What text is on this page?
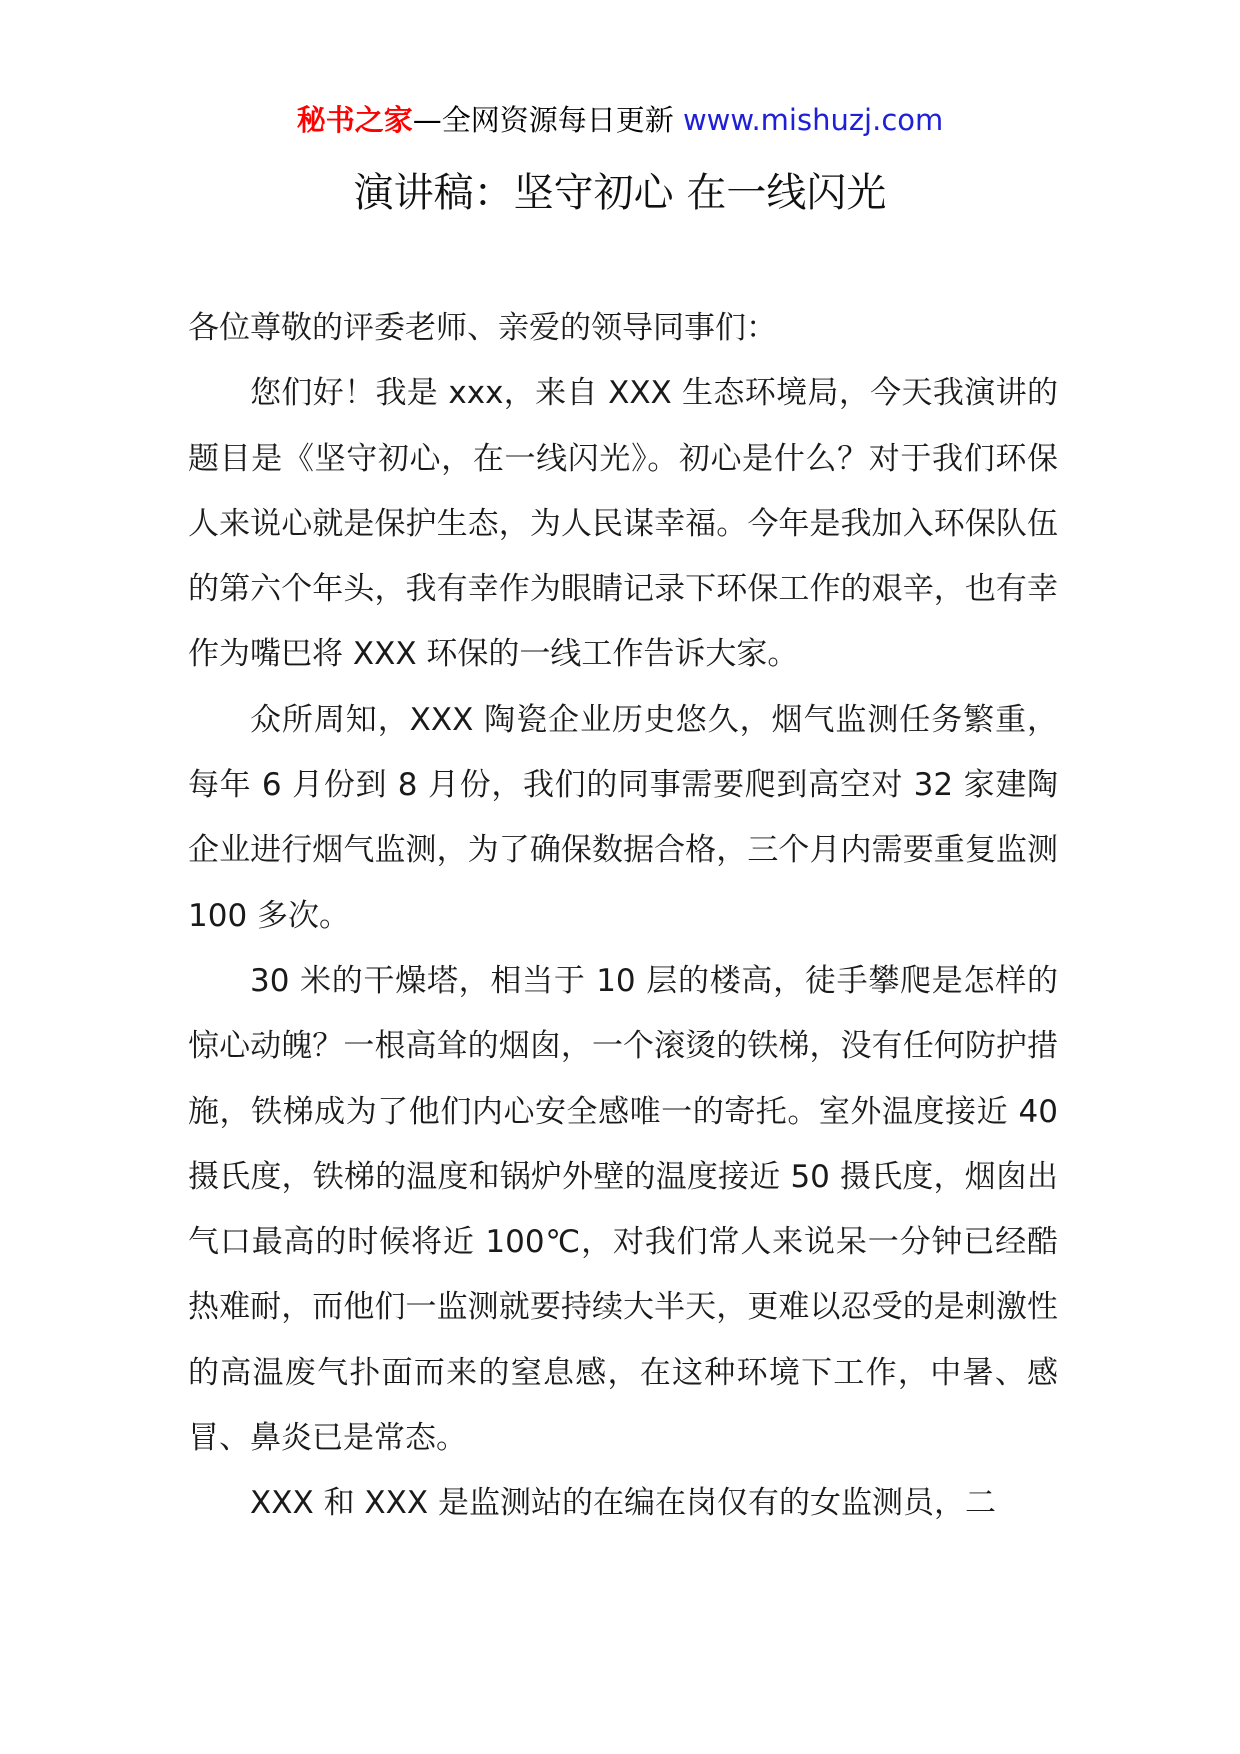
秘书之家—全网资源每日更新 www.mishuzj.com
演讲稿：坚守初心 在一线闪光

各位尊敬的评委老师、亲爱的领导同事们：

您们好！我是 xxx，来自 XXX 生态环境局，今天我演讲的题目是《坚守初心，在一线闪光》。初心是什么？对于我们环保人来说心就是保护生态，为人民谋幸福。今年是我加入环保队伍的第六个年头，我有幸作为眼睛记录下环保工作的艰辛，也有幸作为嘴巴将 XXX 环保的一线工作告诉大家。

众所周知，XXX 陶瓷企业历史悠久，烟气监测任务繁重，每年 6 月份到 8 月份，我们的同事需要爬到高空对 32 家建陶企业进行烟气监测，为了确保数据合格，三个月内需要重复监测 100 多次。

30 米的干燥塔，相当于 10 层的楼高，徒手攀爬是怎样的惊心动魄？一根高耸的烟囱，一个滚烫的铁梯，没有任何防护措施，铁梯成为了他们内心安全感唯一的寄托。室外温度接近 40 摄氏度，铁梯的温度和锅炉外壁的温度接近 50 摄氏度，烟囱出气口最高的时候将近 100℃，对我们常人来说呆一分钟已经酷热难耐，而他们一监测就要持续大半天，更难以忍受的是刺激性的高温废气扑面而来的窒息感，在这种环境下工作，中暑、感冒、鼻炎已是常态。

XXX 和 XXX 是监测站的在编在岗仅有的女监测员，二
